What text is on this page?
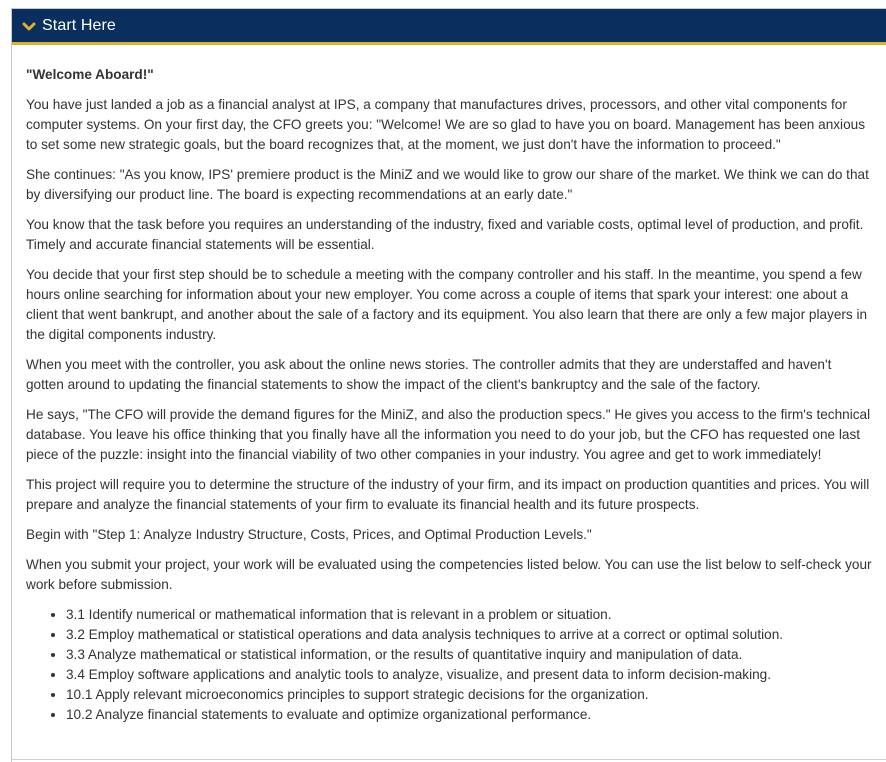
Start Here

"Welcome Aboard!"

You have just landed a job as a financial analyst at IPS, a company that manufactures drives, processors, and other vital components for computer systems. On your first day, the CFO greets you: "Welcome! We are so glad to have you on board. Management has been anxious to set some new strategic goals, but the board recognizes that, at the moment, we just don't have the information to proceed."

She continues: "As you know, IPS' premiere product is the MiniZ and we would like to grow our share of the market. We think we can do that by diversifying our product line. The board is expecting recommendations at an early date."

You know that the task before you requires an understanding of the industry, fixed and variable costs, optimal level of production, and profit. Timely and accurate financial statements will be essential.

You decide that your first step should be to schedule a meeting with the company controller and his staff. In the meantime, you spend a few hours online searching for information about your new employer. You come across a couple of items that spark your interest: one about a client that went bankrupt, and another about the sale of a factory and its equipment. You also learn that there are only a few major players in the digital components industry.

When you meet with the controller, you ask about the online news stories. The controller admits that they are understaffed and haven't gotten around to updating the financial statements to show the impact of the client's bankruptcy and the sale of the factory.

He says, "The CFO will provide the demand figures for the MiniZ, and also the production specs." He gives you access to the firm's technical database. You leave his office thinking that you finally have all the information you need to do your job, but the CFO has requested one last piece of the puzzle: insight into the financial viability of two other companies in your industry. You agree and get to work immediately!

This project will require you to determine the structure of the industry of your firm, and its impact on production quantities and prices. You will prepare and analyze the financial statements of your firm to evaluate its financial health and its future prospects.

Begin with "Step 1: Analyze Industry Structure, Costs, Prices, and Optimal Production Levels."

When you submit your project, your work will be evaluated using the competencies listed below. You can use the list below to self-check your work before submission.

• 3.1 Identify numerical or mathematical information that is relevant in a problem or situation.
• 3.2 Employ mathematical or statistical operations and data analysis techniques to arrive at a correct or optimal solution.
• 3.3 Analyze mathematical or statistical information, or the results of quantitative inquiry and manipulation of data.
• 3.4 Employ software applications and analytic tools to analyze, visualize, and present data to inform decision-making.
• 10.1 Apply relevant microeconomics principles to support strategic decisions for the organization.
• 10.2 Analyze financial statements to evaluate and optimize organizational performance.
